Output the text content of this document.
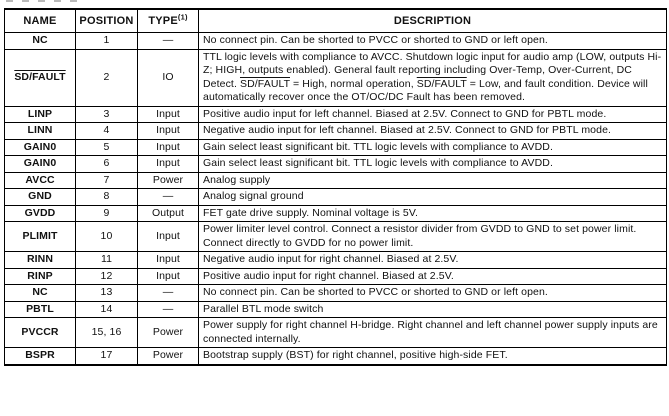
NAME	POSITION	TYPE$^{(1)}$	DESCRIPTION
NC	1	—	No connect pin. Can be shorted to PVCC or shorted to GND or left open.
SD/FAULT	2	IO	TTL logic levels with compliance to AVCC. Shutdown logic input for audio amp (LOW, outputs Hi-Z; HIGH, outputs enabled). General fault reporting including Over-Temp, Over-Current, DC Detect. SD/FAULT = High, normal operation, SD/FAULT = Low, and fault condition. Device will automatically recover once the OT/OC/DC Fault has been removed.
LINP	3	Input	Positive audio input for left channel. Biased at 2.5V. Connect to GND for PBTL mode.
LINN	4	Input	Negative audio input for left channel. Biased at 2.5V. Connect to GND for PBTL mode.
GAIN0	5	Input	Gain select least significant bit. TTL logic levels with compliance to AVDD.
GAIN0	6	Input	Gain select least significant bit. TTL logic levels with compliance to AVDD.
AVCC	7	Power	Analog supply
GND	8	—	Analog signal ground
GVDD	9	Output	FET gate drive supply. Nominal voltage is 5V.
PLIMIT	10	Input	Power limiter level control. Connect a resistor divider from GVDD to GND to set power limit. Connect directly to GVDD for no power limit.
RINN	11	Input	Negative audio input for right channel. Biased at 2.5V.
RINP	12	Input	Positive audio input for right channel. Biased at 2.5V.
NC	13	—	No connect pin. Can be shorted to PVCC or shorted to GND or left open.
PBTL	14	—	Parallel BTL mode switch
PVCCR	15, 16	Power	Power supply for right channel H-bridge. Right channel and left channel power supply inputs are connected internally.
BSPR	17	Power	Bootstrap supply (BST) for right channel, positive high-side FET.
